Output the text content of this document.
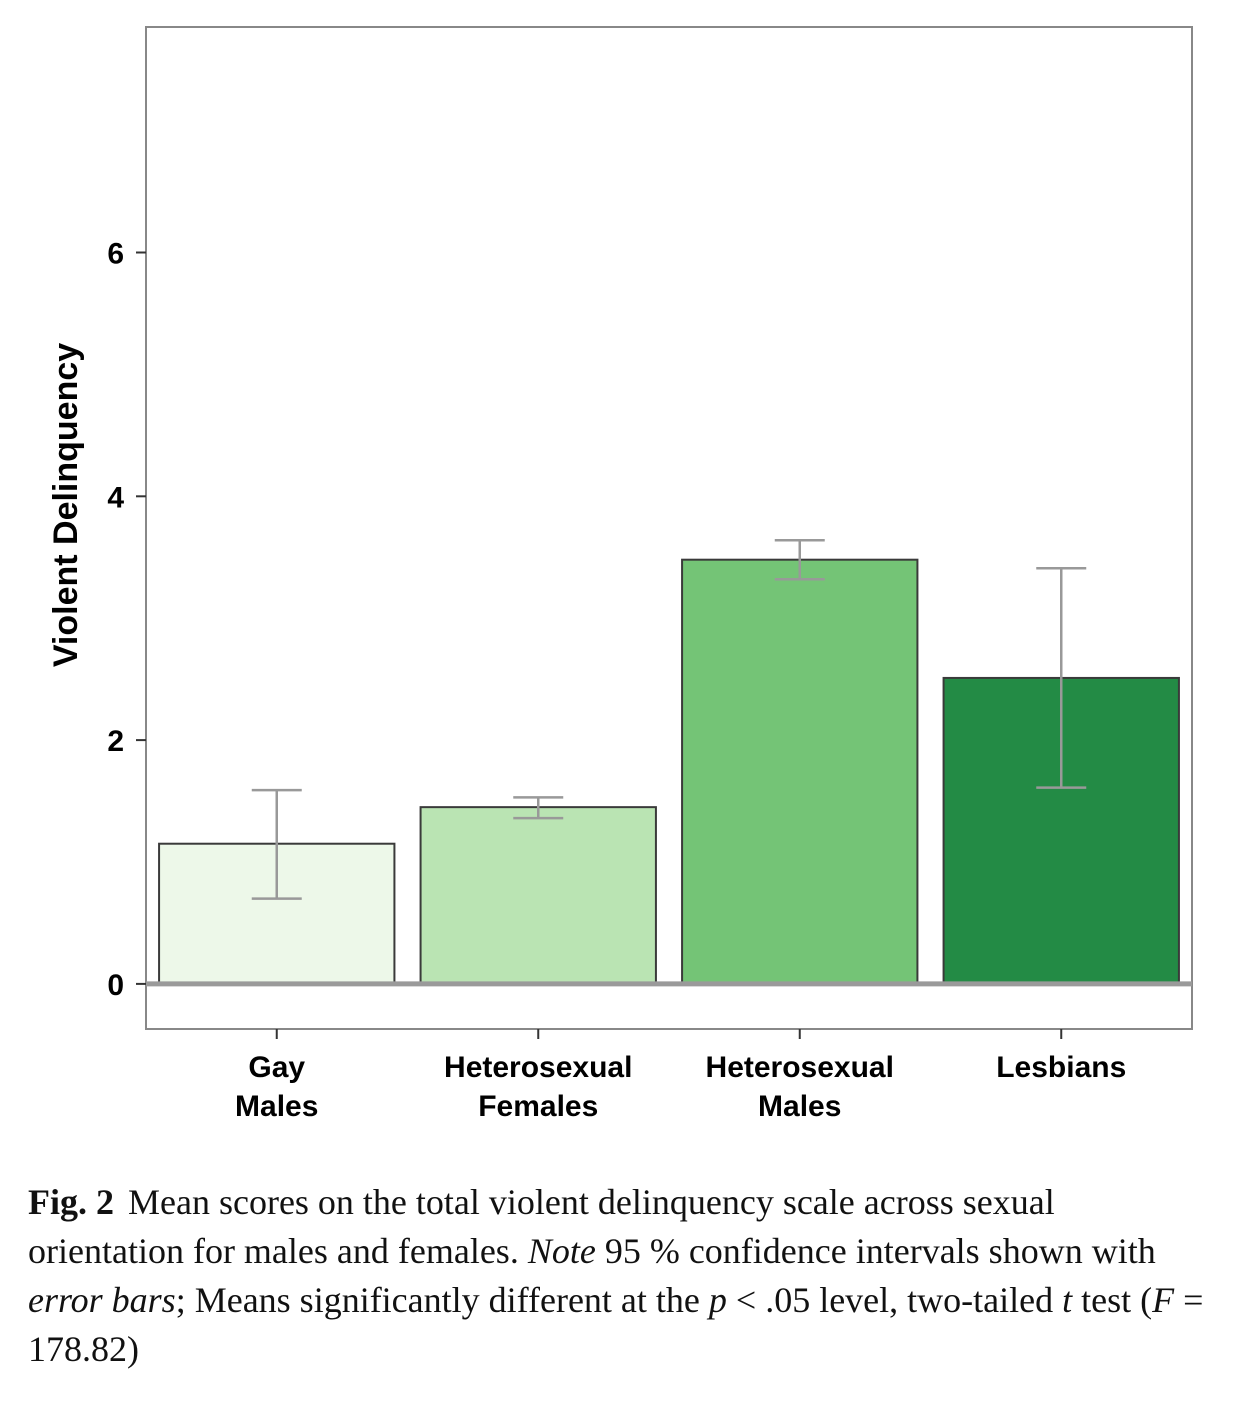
0
2
4
6
Gay Males
Heterosexual Females
Heterosexual Males
Lesbians
Violent Delinquency
Fig. 2 Mean scores on the total violent delinquency scale across sexual orientation for males and females. Note 95 % confidence intervals shown with error bars; Means significantly different at the p < .05 level, two-tailed t test (F = 178.82)
